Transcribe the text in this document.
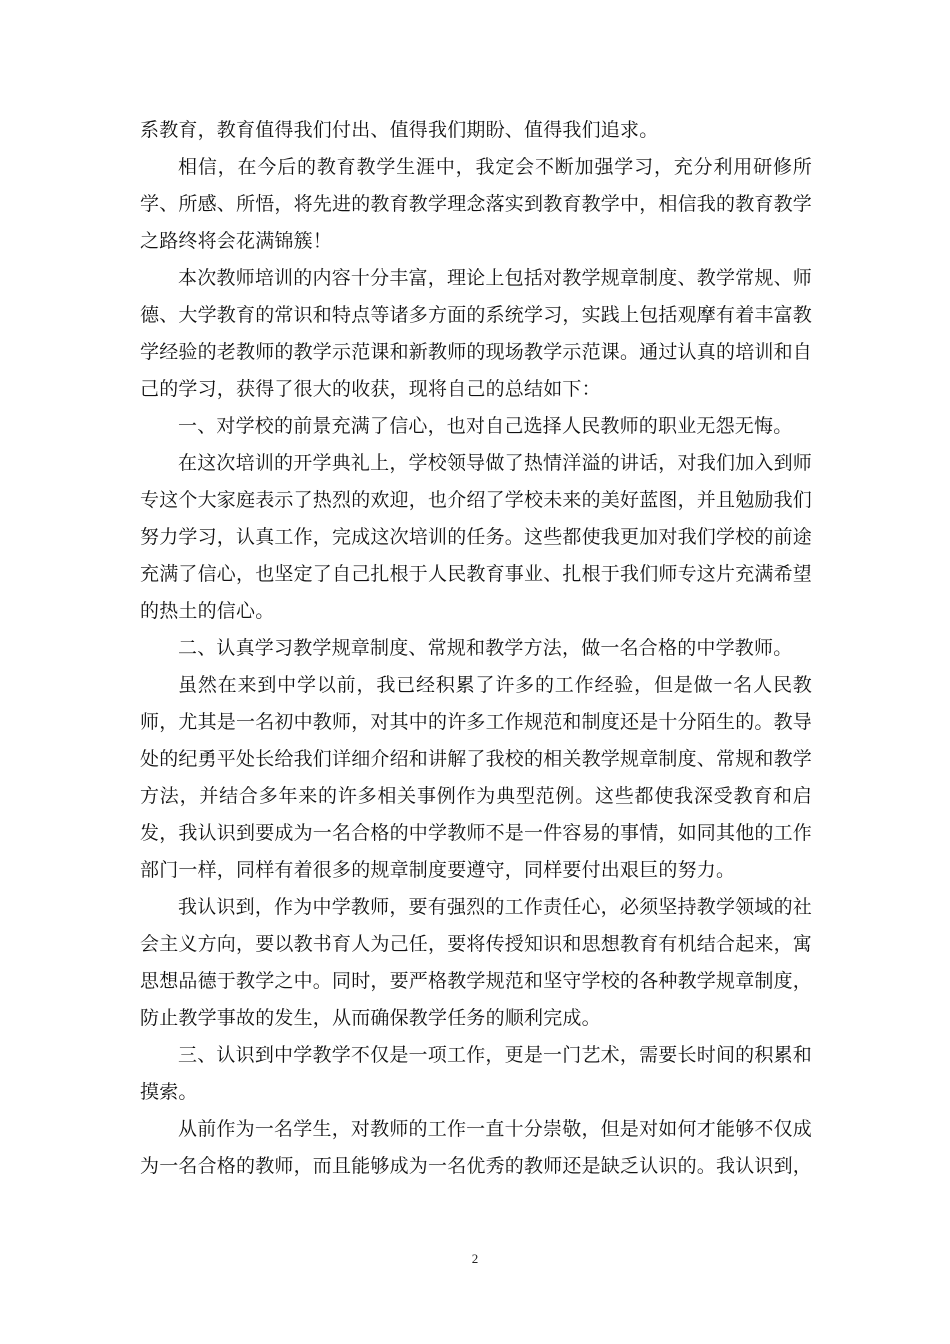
系教育，教育值得我们付出、值得我们期盼、值得我们追求。

相信，在今后的教育教学生涯中，我定会不断加强学习，充分利用研修所学、所感、所悟，将先进的教育教学理念落实到教育教学中，相信我的教育教学之路终将会花满锦簇！

本次教师培训的内容十分丰富，理论上包括对教学规章制度、教学常规、师德、大学教育的常识和特点等诸多方面的系统学习，实践上包括观摩有着丰富教学经验的老教师的教学示范课和新教师的现场教学示范课。通过认真的培训和自己的学习，获得了很大的收获，现将自己的总结如下：

一、对学校的前景充满了信心，也对自己选择人民教师的职业无怨无悔。

在这次培训的开学典礼上，学校领导做了热情洋溢的讲话，对我们加入到师专这个大家庭表示了热烈的欢迎，也介绍了学校未来的美好蓝图，并且勉励我们努力学习，认真工作，完成这次培训的任务。这些都使我更加对我们学校的前途充满了信心，也坚定了自己扎根于人民教育事业、扎根于我们师专这片充满希望的热土的信心。

二、认真学习教学规章制度、常规和教学方法，做一名合格的中学教师。

虽然在来到中学以前，我已经积累了许多的工作经验，但是做一名人民教师，尤其是一名初中教师，对其中的许多工作规范和制度还是十分陌生的。教导处的纪勇平处长给我们详细介绍和讲解了我校的相关教学规章制度、常规和教学方法，并结合多年来的许多相关事例作为典型范例。这些都使我深受教育和启发，我认识到要成为一名合格的中学教师不是一件容易的事情，如同其他的工作部门一样，同样有着很多的规章制度要遵守，同样要付出艰巨的努力。

我认识到，作为中学教师，要有强烈的工作责任心，必须坚持教学领域的社会主义方向，要以教书育人为己任，要将传授知识和思想教育有机结合起来，寓思想品德于教学之中。同时，要严格教学规范和坚守学校的各种教学规章制度，防止教学事故的发生，从而确保教学任务的顺利完成。

三、认识到中学教学不仅是一项工作，更是一门艺术，需要长时间的积累和摸索。

从前作为一名学生，对教师的工作一直十分崇敬，但是对如何才能够不仅成为一名合格的教师，而且能够成为一名优秀的教师还是缺乏认识的。我认识到，

2
